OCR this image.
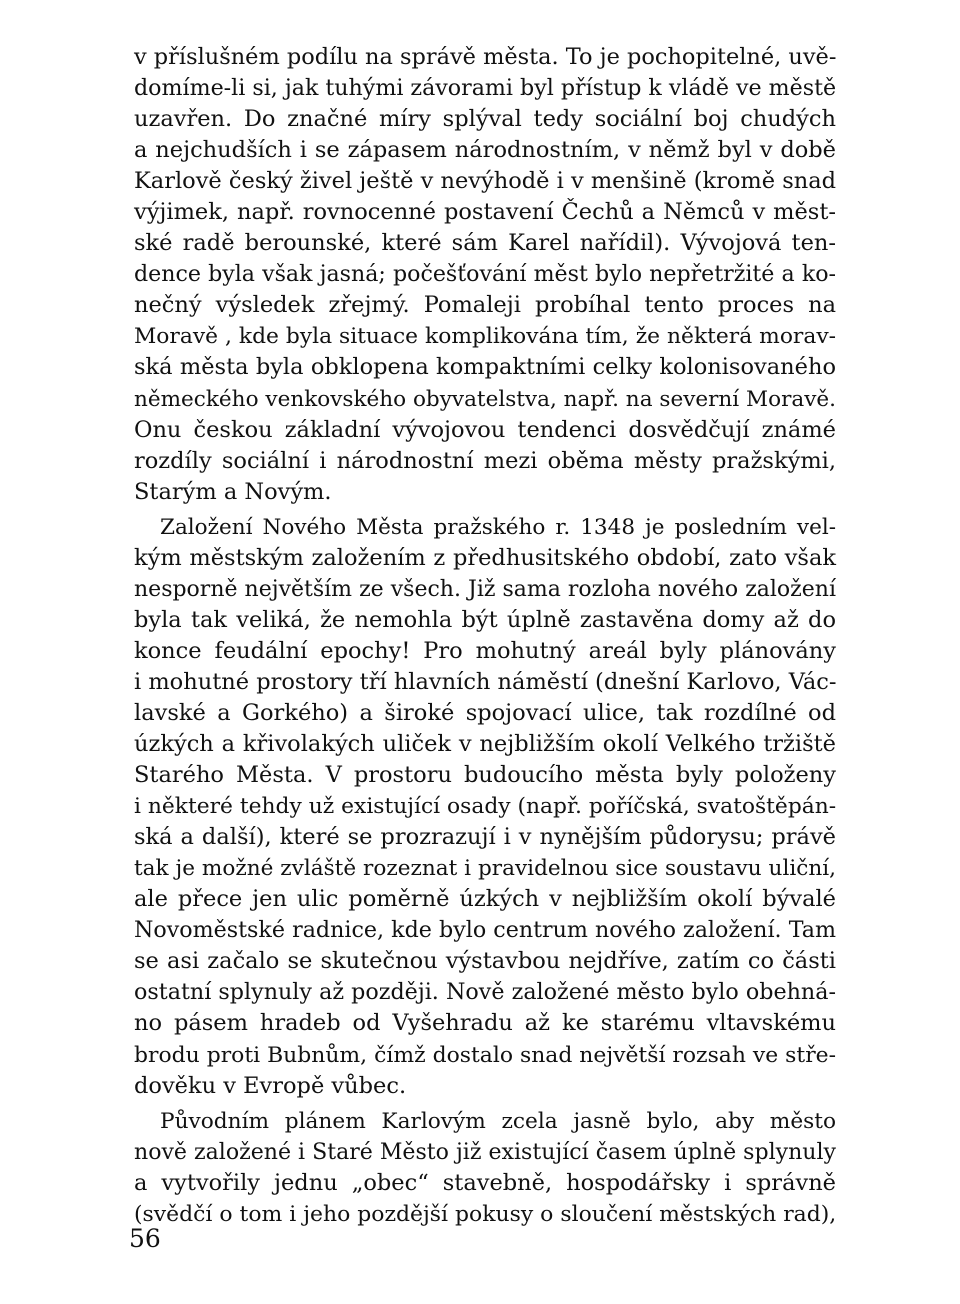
v příslušném podílu na správě města. To je pochopitelné, uvě-
domíme-li si, jak tuhými závorami byl přístup k vládě ve městě
uzavřen. Do značné míry splýval tedy sociální boj chudých
a nejchudších i se zápasem národnostním, v němž byl v době
Karlově český živel ještě v nevýhodě i v menšině (kromě snad
výjimek, např. rovnocenné postavení Čechů a Němců v měst-
ské radě berounské, které sám Karel nařídil). Vývojová ten-
dence byla však jasná; počešťování měst bylo nepřetržité a ko-
nečný výsledek zřejmý. Pomaleji probíhal tento proces na
Moravě , kde byla situace komplikována tím, že některá morav-
ská města byla obklopena kompaktními celky kolonisovaného
německého venkovského obyvatelstva, např. na severní Moravě.
Onu českou základní vývojovou tendenci dosvědčují známé
rozdíly sociální i národnostní mezi oběma městy pražskými,
Starým a Novým.
Založení Nového Města pražského r. 1348 je posledním vel-
kým městským založením z předhusitského období, zato však
nesporně největším ze všech. Již sama rozloha nového založení
byla tak veliká, že nemohla být úplně zastavěna domy až do
konce feudální epochy! Pro mohutný areál byly plánovány
i mohutné prostory tří hlavních náměstí (dnešní Karlovo, Vác-
lavské a Gorkého) a široké spojovací ulice, tak rozdílné od
úzkých a křivolakých uliček v nejbližším okolí Velkého tržiště
Starého Města. V prostoru budoucího města byly položeny
i některé tehdy už existující osady (např. poříčská, svatoštěpán-
ská a další), které se prozrazují i v nynějším půdorysu; právě
tak je možné zvláště rozeznat i pravidelnou sice soustavu uliční,
ale přece jen ulic poměrně úzkých v nejbližším okolí bývalé
Novoměstské radnice, kde bylo centrum nového založení. Tam
se asi začalo se skutečnou výstavbou nejdříve, zatím co části
ostatní splynuly až později. Nově založené město bylo obehná-
no pásem hradeb od Vyšehradu až ke starému vltavskému
brodu proti Bubnům, čímž dostalo snad největší rozsah ve stře-
dověku v Evropě vůbec.
Původním plánem Karlovým zcela jasně bylo, aby město
nově založené i Staré Město již existující časem úplně splynuly
a vytvořily jednu „obec“ stavebně, hospodářsky i správně
(svědčí o tom i jeho pozdější pokusy o sloučení městských rad),
56
